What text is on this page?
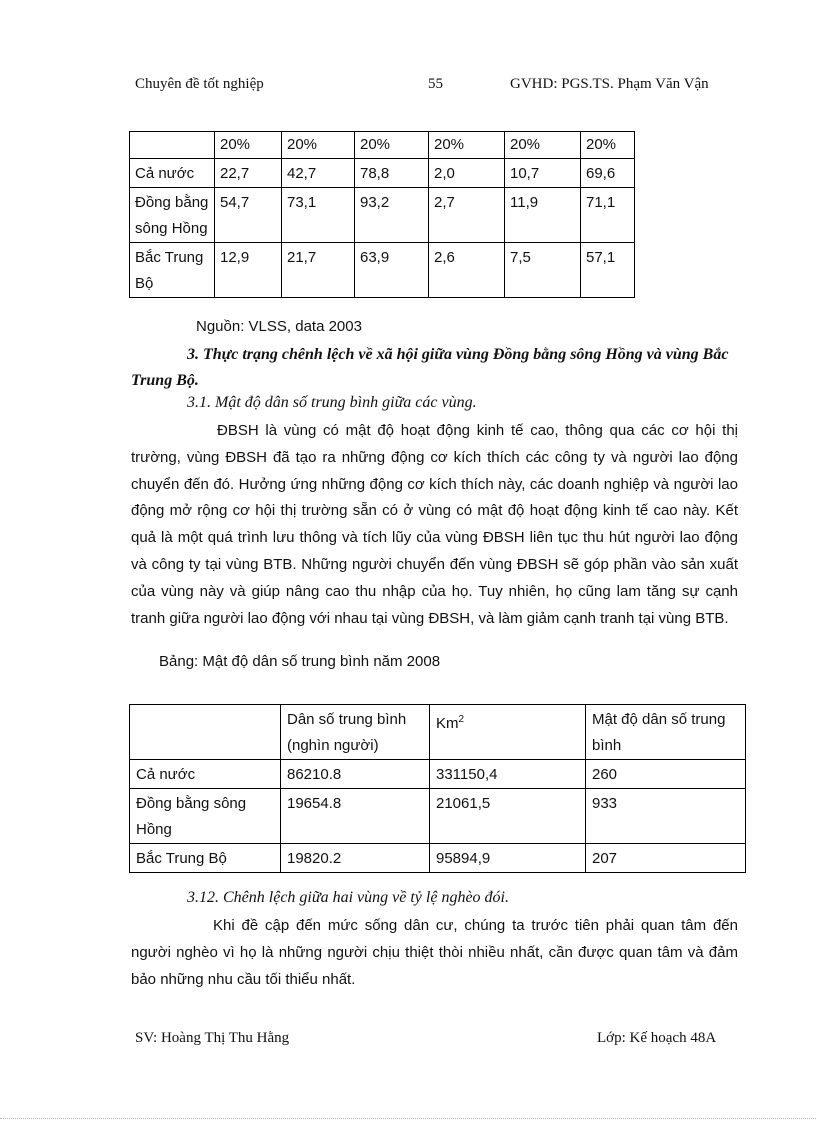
Chuyên đề tốt nghiệp	55	GVHD: PGS.TS. Phạm Văn Vận
	20%	20%	20%	20%	20%	20%
Cả nước	22,7	42,7	78,8	2,0	10,7	69,6
Đồng bằng sông Hồng	54,7	73,1	93,2	2,7	11,9	71,1
Bắc Trung Bộ	12,9	21,7	63,9	2,6	7,5	57,1
Nguồn: VLSS, data 2003
3. Thực trạng chênh lệch về xã hội giữa vùng Đồng bằng sông Hồng và vùng Bắc Trung Bộ.
3.1. Mật độ dân số trung bình giữa các vùng.
ĐBSH là vùng có mật độ hoạt động kinh tế cao, thông qua các cơ hội thị trường, vùng ĐBSH đã tạo ra những động cơ kích thích các công ty và người lao động chuyển đến đó. Hưởng ứng những động cơ kích thích này, các doanh nghiệp và người lao động mở rộng cơ hội thị trường sẵn có ở vùng có mật độ hoạt động kinh tế cao này. Kết quả là một quá trình lưu thông và tích lũy của vùng ĐBSH liên tục thu hút người lao động và công ty tại vùng BTB. Những người chuyển đến vùng ĐBSH sẽ góp phần vào sản xuất của vùng này và giúp nâng cao thu nhập của họ. Tuy nhiên, họ cũng lam tăng sự cạnh tranh giữa người lao động với nhau tại vùng ĐBSH, và làm giảm cạnh tranh tại vùng BTB.
Bảng: Mật độ dân số trung bình năm 2008
	Dân số trung bình (nghìn người)	Km$^2$	Mật độ dân số trung bình
Cả nước	86210.8	331150,4	260
Đồng bằng sông Hồng	19654.8	21061,5	933
Bắc Trung Bộ	19820.2	95894,9	207
3.12. Chênh lệch giữa hai vùng về tỷ lệ nghèo đói.
Khi đề cập đến mức sống dân cư, chúng ta trước tiên phải quan tâm đến người nghèo vì họ là những người chịu thiệt thòi nhiều nhất, cần được quan tâm và đảm bảo những nhu cầu tối thiểu nhất.
SV: Hoàng Thị Thu Hằng	Lớp: Kế hoạch 48A
